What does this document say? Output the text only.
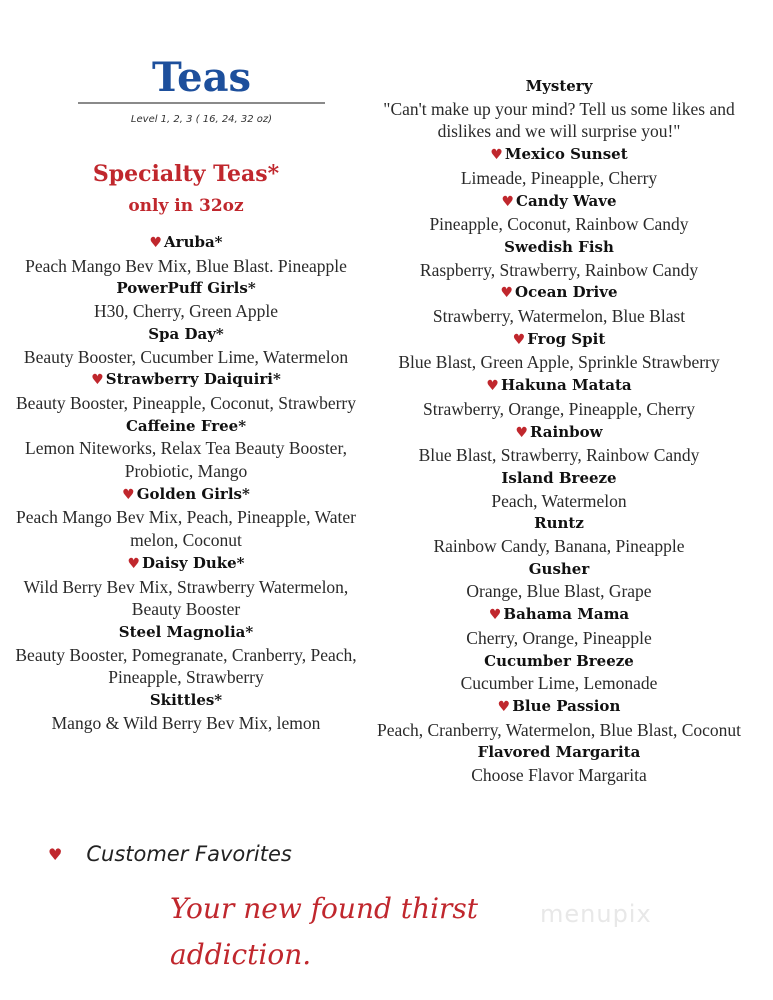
Teas
Level 1, 2, 3 ( 16, 24, 32 oz)
Specialty Teas*
only in 32oz
♥ Aruba*
Peach Mango Bev Mix, Blue Blast. Pineapple
PowerPuff Girls*
H30, Cherry, Green Apple
Spa Day*
Beauty Booster, Cucumber Lime, Watermelon
♥ Strawberry Daiquiri*
Beauty Booster, Pineapple, Coconut, Strawberry
Caffeine Free*
Lemon Niteworks, Relax Tea Beauty Booster, Probiotic, Mango
♥ Golden Girls*
Peach Mango Bev Mix, Peach, Pineapple, Water melon, Coconut
♥ Daisy Duke*
Wild Berry Bev Mix, Strawberry Watermelon, Beauty Booster
Steel Magnolia*
Beauty Booster, Pomegranate, Cranberry, Peach, Pineapple, Strawberry
Skittles*
Mango & Wild Berry Bev Mix, lemon
Mystery
"Can't make up your mind? Tell us some likes and dislikes and we will surprise you!"
♥ Mexico Sunset
Limeade, Pineapple, Cherry
♥ Candy Wave
Pineapple, Coconut, Rainbow Candy
Swedish Fish
Raspberry, Strawberry, Rainbow Candy
♥ Ocean Drive
Strawberry, Watermelon, Blue Blast
♥ Frog Spit
Blue Blast, Green Apple, Sprinkle Strawberry
♥ Hakuna Matata
Strawberry, Orange, Pineapple, Cherry
♥ Rainbow
Blue Blast, Strawberry, Rainbow Candy
Island Breeze
Peach, Watermelon
Runtz
Rainbow Candy, Banana, Pineapple
Gusher
Orange, Blue Blast, Grape
♥ Bahama Mama
Cherry, Orange, Pineapple
Cucumber Breeze
Cucumber Lime, Lemonade
♥ Blue Passion
Peach, Cranberry, Watermelon, Blue Blast, Coconut
Flavored Margarita
Choose Flavor Margarita
♥ Customer Favorites
Your new found thirst addiction.
menupix
